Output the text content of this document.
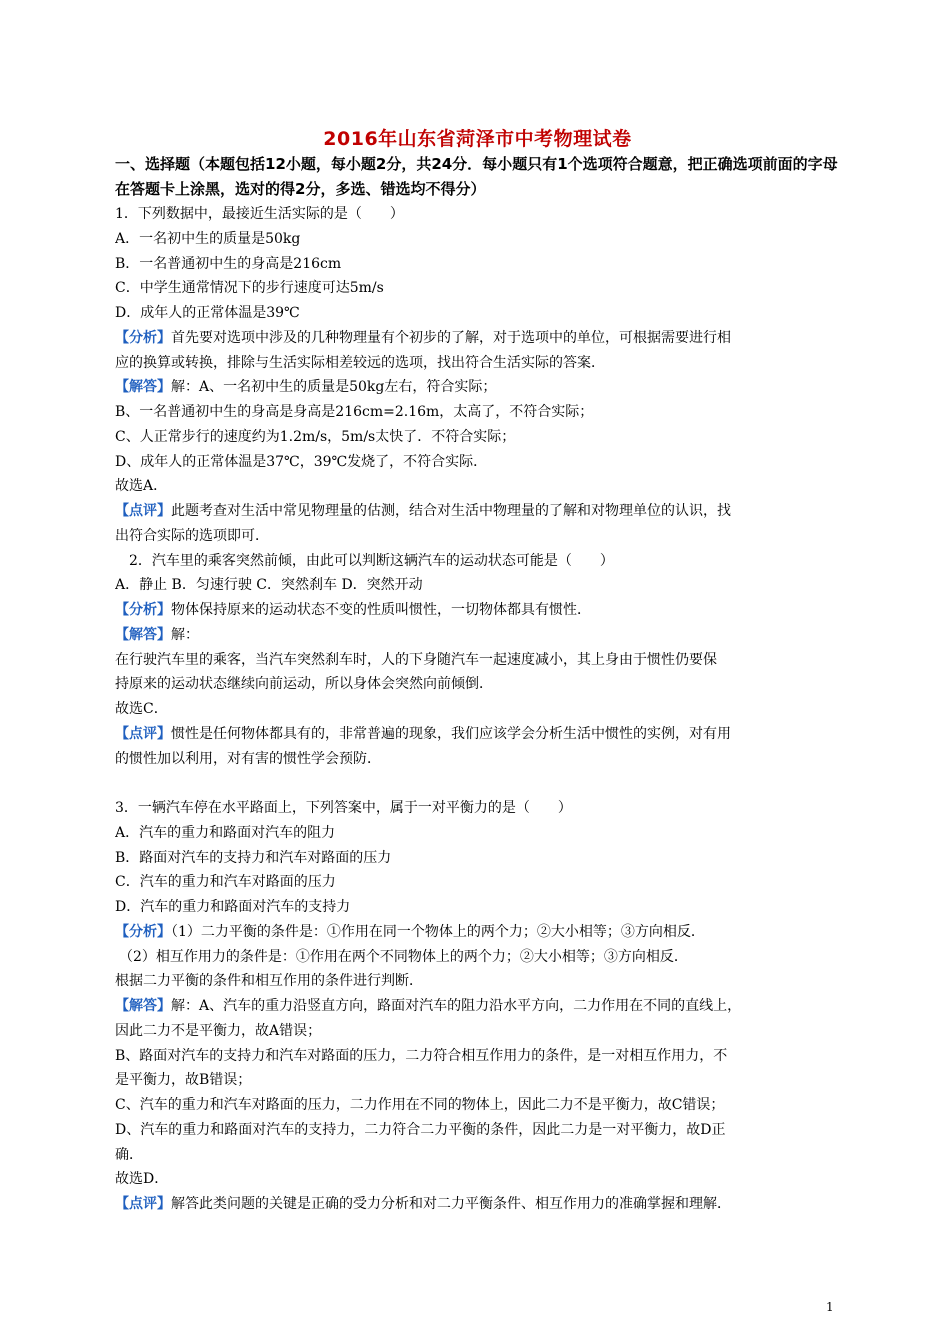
2016年山东省菏泽市中考物理试卷
一、选择题（本题包括12小题，每小题2分，共24分．每小题只有1个选项符合题意，把正确选项前面的字母在答题卡上涂黑，选对的得2分，多选、错选均不得分）
1．下列数据中，最接近生活实际的是（　　）
A．一名初中生的质量是50kg
B．一名普通初中生的身高是216cm
C．中学生通常情况下的步行速度可达5m/s
D．成年人的正常体温是39℃
【分析】首先要对选项中涉及的几种物理量有个初步的了解，对于选项中的单位，可根据需要进行相
应的换算或转换，排除与生活实际相差较远的选项，找出符合生活实际的答案．
【解答】解：A、一名初中生的质量是50kg左右，符合实际；
B、一名普通初中生的身高是身高是216cm=2.16m，太高了，不符合实际；
C、人正常步行的速度约为1.2m/s，5m/s太快了．不符合实际；
D、成年人的正常体温是37℃，39℃发烧了，不符合实际．
故选A．
【点评】此题考查对生活中常见物理量的估测，结合对生活中物理量的了解和对物理单位的认识，找
出符合实际的选项即可．
2．汽车里的乘客突然前倾，由此可以判断这辆汽车的运动状态可能是（　　）
A．静止 B．匀速行驶 C．突然刹车 D．突然开动
【分析】物体保持原来的运动状态不变的性质叫惯性，一切物体都具有惯性．
【解答】解：
在行驶汽车里的乘客，当汽车突然刹车时，人的下身随汽车一起速度减小，其上身由于惯性仍要保
持原来的运动状态继续向前运动，所以身体会突然向前倾倒．
故选C．
【点评】惯性是任何物体都具有的，非常普遍的现象，我们应该学会分析生活中惯性的实例，对有用
的惯性加以利用，对有害的惯性学会预防．
3．一辆汽车停在水平路面上，下列答案中，属于一对平衡力的是（　　）
A．汽车的重力和路面对汽车的阻力
B．路面对汽车的支持力和汽车对路面的压力
C．汽车的重力和汽车对路面的压力
D．汽车的重力和路面对汽车的支持力
【分析】（1）二力平衡的条件是：①作用在同一个物体上的两个力；②大小相等；③方向相反．
（2）相互作用力的条件是：①作用在两个不同物体上的两个力；②大小相等；③方向相反．
根据二力平衡的条件和相互作用的条件进行判断．
【解答】解：A、汽车的重力沿竖直方向，路面对汽车的阻力沿水平方向，二力作用在不同的直线上，
因此二力不是平衡力，故A错误；
B、路面对汽车的支持力和汽车对路面的压力，二力符合相互作用力的条件，是一对相互作用力，不
是平衡力，故B错误；
C、汽车的重力和汽车对路面的压力，二力作用在不同的物体上，因此二力不是平衡力，故C错误；
D、汽车的重力和路面对汽车的支持力，二力符合二力平衡的条件，因此二力是一对平衡力，故D正
确．
故选D．
【点评】解答此类问题的关键是正确的受力分析和对二力平衡条件、相互作用力的准确掌握和理解．
1
